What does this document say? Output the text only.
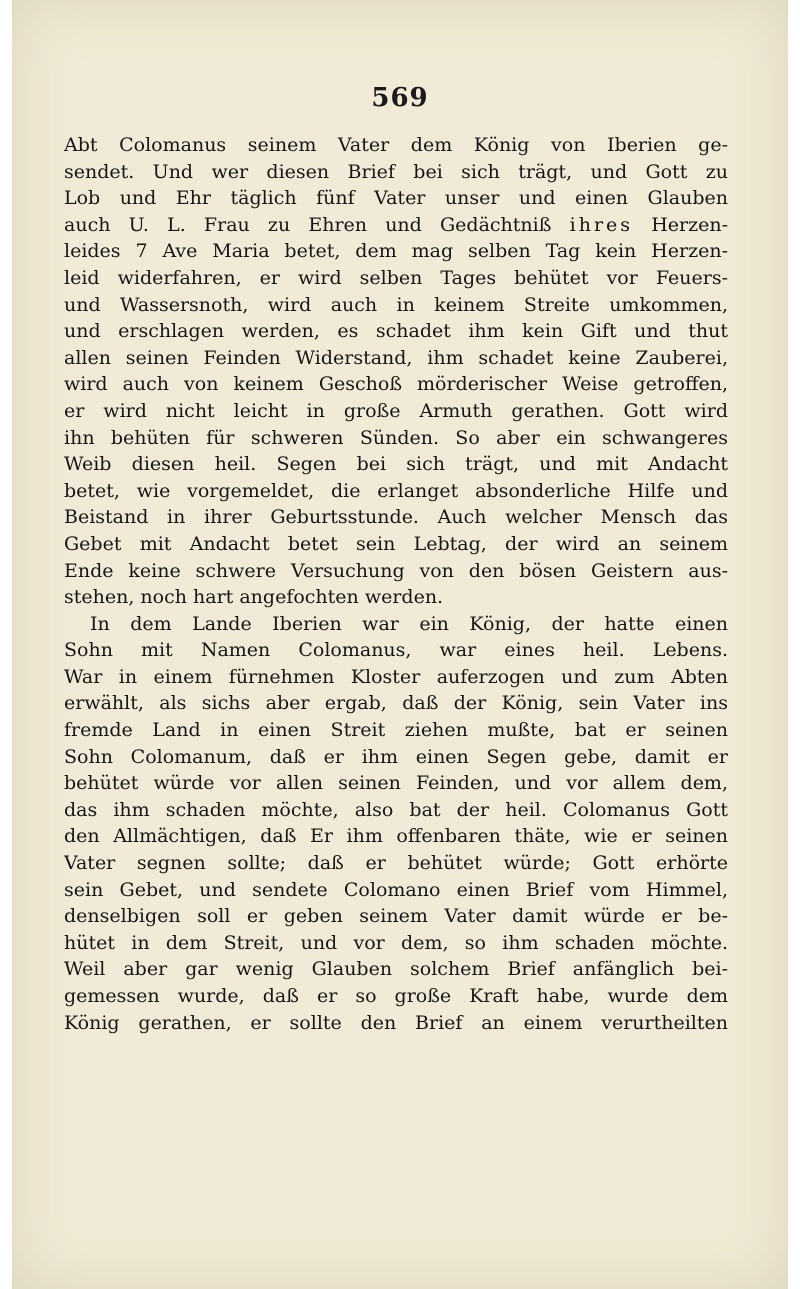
569
Abt Colomanus seinem Vater dem König von Iberien ge-
sendet. Und wer diesen Brief bei sich trägt, und Gott zu
Lob und Ehr täglich fünf Vater unser und einen Glauben
auch U. L. Frau zu Ehren und Gedächtniß ihres Herzen-
leides 7 Ave Maria betet, dem mag selben Tag kein Herzen-
leid widerfahren, er wird selben Tages behütet vor Feuers-
und Wassersnoth, wird auch in keinem Streite umkommen,
und erschlagen werden, es schadet ihm kein Gift und thut
allen seinen Feinden Widerstand, ihm schadet keine Zauberei,
wird auch von keinem Geschoß mörderischer Weise getroffen,
er wird nicht leicht in große Armuth gerathen. Gott wird
ihn behüten für schweren Sünden. So aber ein schwangeres
Weib diesen heil. Segen bei sich trägt, und mit Andacht
betet, wie vorgemeldet, die erlanget absonderliche Hilfe und
Beistand in ihrer Geburtsstunde. Auch welcher Mensch das
Gebet mit Andacht betet sein Lebtag, der wird an seinem
Ende keine schwere Versuchung von den bösen Geistern aus-
stehen, noch hart angefochten werden.
In dem Lande Iberien war ein König, der hatte einen
Sohn mit Namen Colomanus, war eines heil. Lebens.
War in einem fürnehmen Kloster auferzogen und zum Abten
erwählt, als sichs aber ergab, daß der König, sein Vater ins
fremde Land in einen Streit ziehen mußte, bat er seinen
Sohn Colomanum, daß er ihm einen Segen gebe, damit er
behütet würde vor allen seinen Feinden, und vor allem dem,
das ihm schaden möchte, also bat der heil. Colomanus Gott
den Allmächtigen, daß Er ihm offenbaren thäte, wie er seinen
Vater segnen sollte; daß er behütet würde; Gott erhörte
sein Gebet, und sendete Colomano einen Brief vom Himmel,
denselbigen soll er geben seinem Vater damit würde er be-
hütet in dem Streit, und vor dem, so ihm schaden möchte.
Weil aber gar wenig Glauben solchem Brief anfänglich bei-
gemessen wurde, daß er so große Kraft habe, wurde dem
König gerathen, er sollte den Brief an einem verurtheilten
